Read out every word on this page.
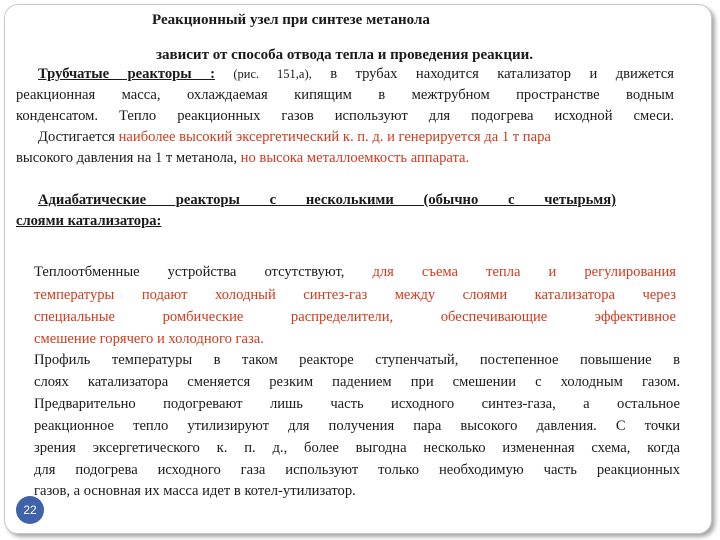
Реакционный узел при синтезе метанола
зависит от способа отвода тепла и проведения реакции.
Трубчатые реакторы : (рис. 151,а), в трубах находится катализатор и движется
реакционная масса, охлаждаемая кипящим в межтрубном пространстве водным
конденсатом. Тепло реакционных газов используют для подогрева исходной смеси.
Достигается наиболее высокий эксергетический к. п. д. и генерируется да 1 т пара
высокого давления на 1 т метанола, но высока металлоемкость аппарата.
Адиабатические реакторы с несколькими (обычно с четырьмя)
слоями катализатора:
Теплоотбменные устройства отсутствуют, для съема тепла и регулирования
температуры подают холодный синтез-газ между слоями катализатора через
специальные ромбические распределители, обеспечивающие эффективное
смешение горячего и холодного газа.
Профиль температуры в таком реакторе ступенчатый, постепенное повышение в
слоях катализатора сменяется резким падением при смешении с холодным газом.
Предварительно подогревают лишь часть исходного синтез-газа, а остальное
реакционное тепло утилизируют для получения пара высокого давления. С точки
зрения эксергетического к. п. д., более выгодна несколько измененная схема, когда
для подогрева исходного газа используют только необходимую часть реакционных
газов, а основная их масса идет в котел-утилизатор.
22
